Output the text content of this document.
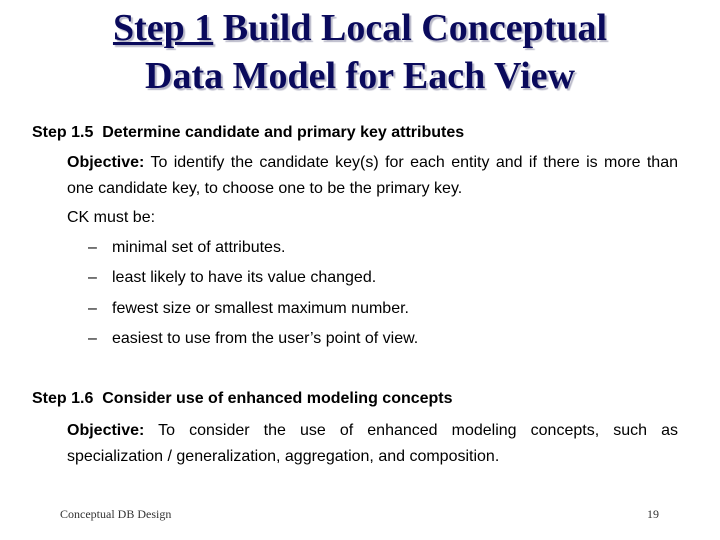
Step 1 Build Local Conceptual
Data Model for Each View
Step 1.5  Determine candidate and primary key attributes
Objective: To identify the candidate key(s) for each entity and if there is more than one candidate key, to choose one to be the primary key.
CK must be:
– minimal set of attributes.
– least likely to have its value changed.
– fewest size or smallest maximum number.
– easiest to use from the user’s point of view.
Step 1.6  Consider use of enhanced modeling concepts
Objective: To consider the use of enhanced modeling concepts, such as specialization / generalization, aggregation, and composition.
Conceptual DB Design	19
